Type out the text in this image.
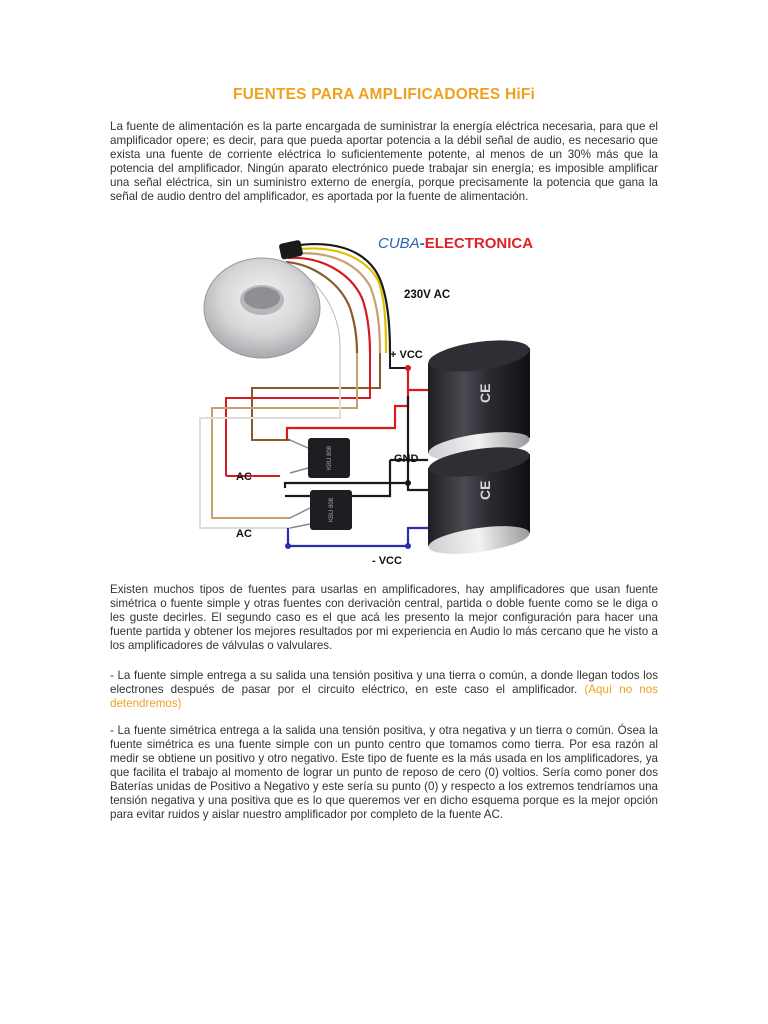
FUENTES PARA AMPLIFICADORES HiFi

La fuente de alimentación es la parte encargada de suministrar la energía eléctrica necesaria, para que el amplificador opere; es decir, para que pueda aportar potencia a la débil señal de audio, es necesario que exista una fuente de corriente eléctrica lo suficientemente potente, al menos de un 30% más que la potencia del amplificador. Ningún aparato electrónico puede trabajar sin energía; es imposible amplificar una señal eléctrica, sin un suministro externo de energía, porque precisamente la potencia que gana la señal de audio dentro del amplificador, es aportada por la fuente de alimentación.

CUBA-ELECTRONICA
230V AC
KBU 808
KBU 808
+ VCC
GND
AC
AC
- VCC
CE
CE

Existen muchos tipos de fuentes para usarlas en amplificadores, hay amplificadores que usan fuente simétrica o fuente simple y otras fuentes con derivación central, partida o doble fuente como se le diga o les guste decirles. El segundo caso es el que acá les presento la mejor configuración para hacer una fuente partida y obtener los mejores resultados por mi experiencia en Audio lo más cercano que he visto a los amplificadores de válvulas o valvulares.

- La fuente simple entrega a su salida una tensión positiva y una tierra o común, a donde llegan todos los electrones después de pasar por el circuito eléctrico, en este caso el amplificador. (Aquí no nos detendremos)

- La fuente simétrica entrega a la salida una tensión positiva, y otra negativa y un tierra o común. Ósea la fuente simétrica es una fuente simple con un punto centro que tomamos como tierra. Por esa razón al medir se obtiene un positivo y otro negativo. Este tipo de fuente es la más usada en los amplificadores, ya que facilita el trabajo al momento de lograr un punto de reposo de cero (0) voltios. Sería como poner dos Baterías unidas de Positivo a Negativo y este sería su punto (0) y respecto a los extremos tendríamos una tensión negativa y una positiva que es lo que queremos ver en dicho esquema porque es la mejor opción para evitar ruidos y aislar nuestro amplificador por completo de la fuente AC.
